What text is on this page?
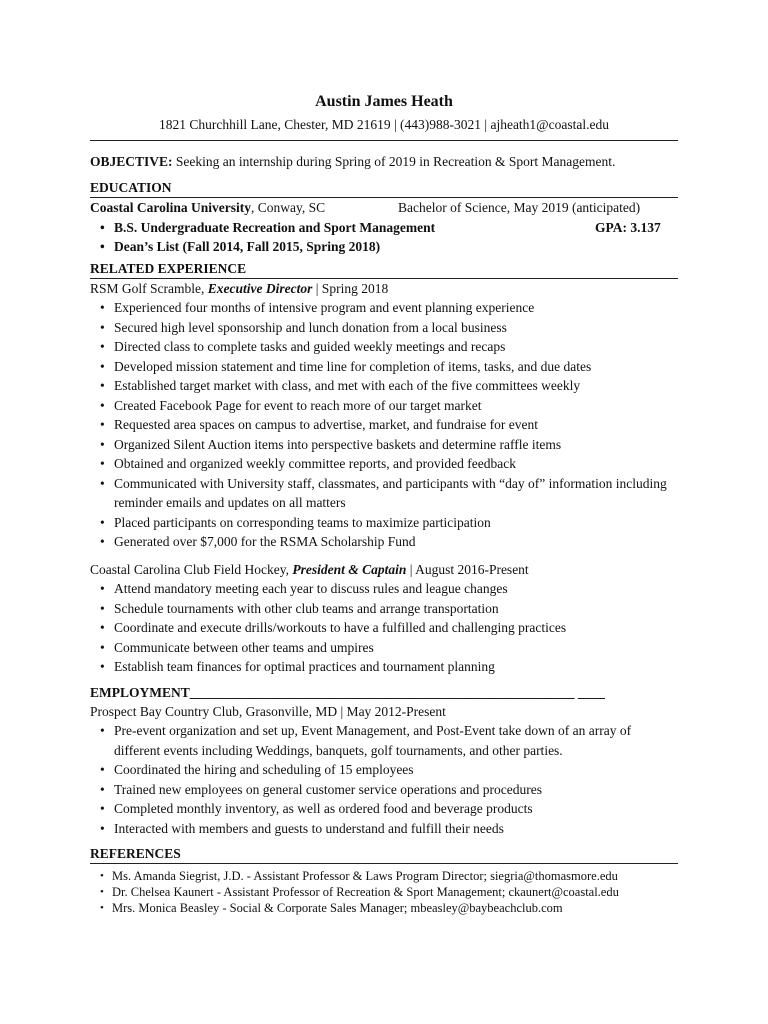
Austin James Heath
1821 Churchhill Lane, Chester, MD 21619 | (443)988-3021 | ajheath1@coastal.edu
OBJECTIVE: Seeking an internship during Spring of 2019 in Recreation & Sport Management.
EDUCATION
Coastal Carolina University, Conway, SC	Bachelor of Science, May 2019 (anticipated)
• B.S. Undergraduate Recreation and Sport Management	GPA: 3.137
• Dean’s List (Fall 2014, Fall 2015, Spring 2018)
RELATED EXPERIENCE
RSM Golf Scramble, Executive Director | Spring 2018
• Experienced four months of intensive program and event planning experience
• Secured high level sponsorship and lunch donation from a local business
• Directed class to complete tasks and guided weekly meetings and recaps
• Developed mission statement and time line for completion of items, tasks, and due dates
• Established target market with class, and met with each of the five committees weekly
• Created Facebook Page for event to reach more of our target market
• Requested area spaces on campus to advertise, market, and fundraise for event
• Organized Silent Auction items into perspective baskets and determine raffle items
• Obtained and organized weekly committee reports, and provided feedback
• Communicated with University staff, classmates, and participants with “day of” information including reminder emails and updates on all matters
• Placed participants on corresponding teams to maximize participation
• Generated over $7,000 for the RSMA Scholarship Fund
Coastal Carolina Club Field Hockey, President & Captain | August 2016-Present
• Attend mandatory meeting each year to discuss rules and league changes
• Schedule tournaments with other club teams and arrange transportation
• Coordinate and execute drills/workouts to have a fulfilled and challenging practices
• Communicate between other teams and umpires
• Establish team finances for optimal practices and tournament planning
EMPLOYMENT_________________________________________________________ ____
Prospect Bay Country Club, Grasonville, MD | May 2012-Present
• Pre-event organization and set up, Event Management, and Post-Event take down of an array of different events including Weddings, banquets, golf tournaments, and other parties.
• Coordinated the hiring and scheduling of 15 employees
• Trained new employees on general customer service operations and procedures
• Completed monthly inventory, as well as ordered food and beverage products
• Interacted with members and guests to understand and fulfill their needs
REFERENCES
• Ms. Amanda Siegrist, J.D. - Assistant Professor & Laws Program Director; siegria@thomasmore.edu
• Dr. Chelsea Kaunert - Assistant Professor of Recreation & Sport Management; ckaunert@coastal.edu
• Mrs. Monica Beasley - Social & Corporate Sales Manager; mbeasley@baybeachclub.com
